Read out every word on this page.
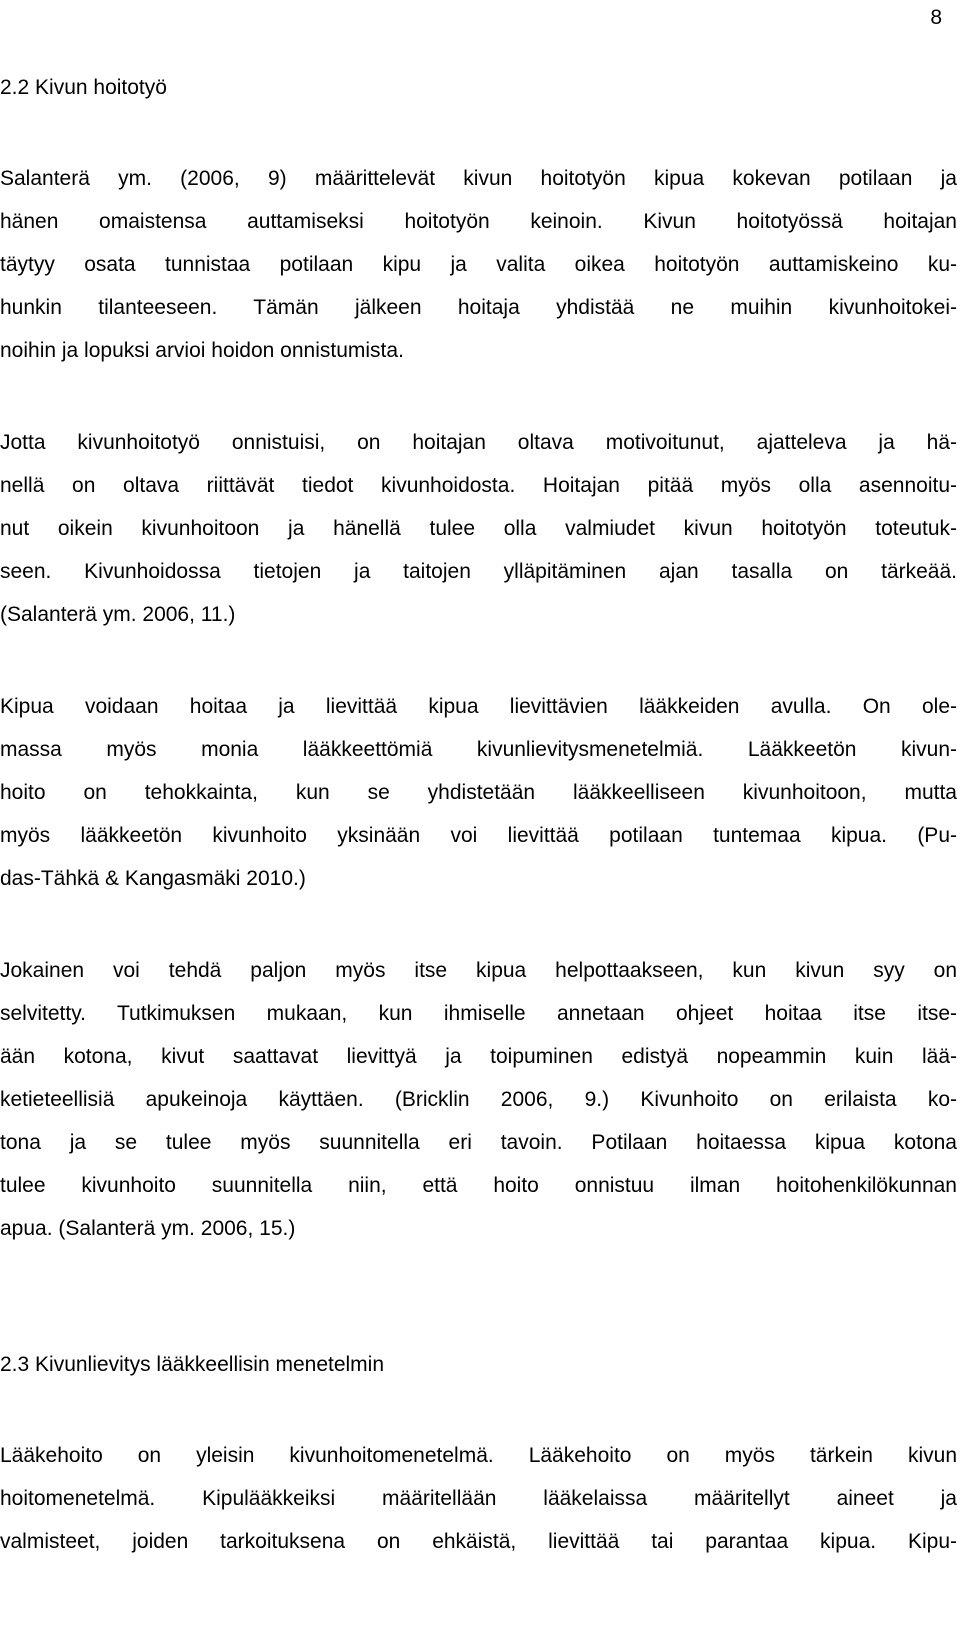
8
2.2 Kivun hoitotyö
Salanterä ym. (2006, 9) määrittelevät kivun hoitotyön kipua kokevan potilaan ja
hänen omaistensa auttamiseksi hoitotyön keinoin. Kivun hoitotyössä hoitajan
täytyy osata tunnistaa potilaan kipu ja valita oikea hoitotyön auttamiskeino ku-
hunkin tilanteeseen. Tämän jälkeen hoitaja yhdistää ne muihin kivunhoitokei-
noihin ja lopuksi arvioi hoidon onnistumista.
Jotta kivunhoitotyö onnistuisi, on hoitajan oltava motivoitunut, ajatteleva ja hä-
nellä on oltava riittävät tiedot kivunhoidosta. Hoitajan pitää myös olla asennoitu-
nut oikein kivunhoitoon ja hänellä tulee olla valmiudet kivun hoitotyön toteutuk-
seen. Kivunhoidossa tietojen ja taitojen ylläpitäminen ajan tasalla on tärkeää.
(Salanterä ym. 2006, 11.)
Kipua voidaan hoitaa ja lievittää kipua lievittävien lääkkeiden avulla. On ole-
massa myös monia lääkkeettömiä kivunlievitysmenetelmiä. Lääkkeetön kivun-
hoito on tehokkainta, kun se yhdistetään lääkkeelliseen kivunhoitoon, mutta
myös lääkkeetön kivunhoito yksinään voi lievittää potilaan tuntemaa kipua. (Pu-
das-Tähkä & Kangasmäki 2010.)
Jokainen voi tehdä paljon myös itse kipua helpottaakseen, kun kivun syy on
selvitetty. Tutkimuksen mukaan, kun ihmiselle annetaan ohjeet hoitaa itse itse-
ään kotona, kivut saattavat lievittyä ja toipuminen edistyä nopeammin kuin lää-
ketieteellisiä apukeinoja käyttäen. (Bricklin 2006, 9.) Kivunhoito on erilaista ko-
tona ja se tulee myös suunnitella eri tavoin. Potilaan hoitaessa kipua kotona
tulee kivunhoito suunnitella niin, että hoito onnistuu ilman hoitohenkilökunnan
apua. (Salanterä ym. 2006, 15.)
2.3 Kivunlievitys lääkkeellisin menetelmin
Lääkehoito on yleisin kivunhoitomenetelmä. Lääkehoito on myös tärkein kivun
hoitomenetelmä. Kipulääkkeiksi määritellään lääkelaissa määritellyt aineet ja
valmisteet, joiden tarkoituksena on ehkäistä, lievittää tai parantaa kipua. Kipu-
